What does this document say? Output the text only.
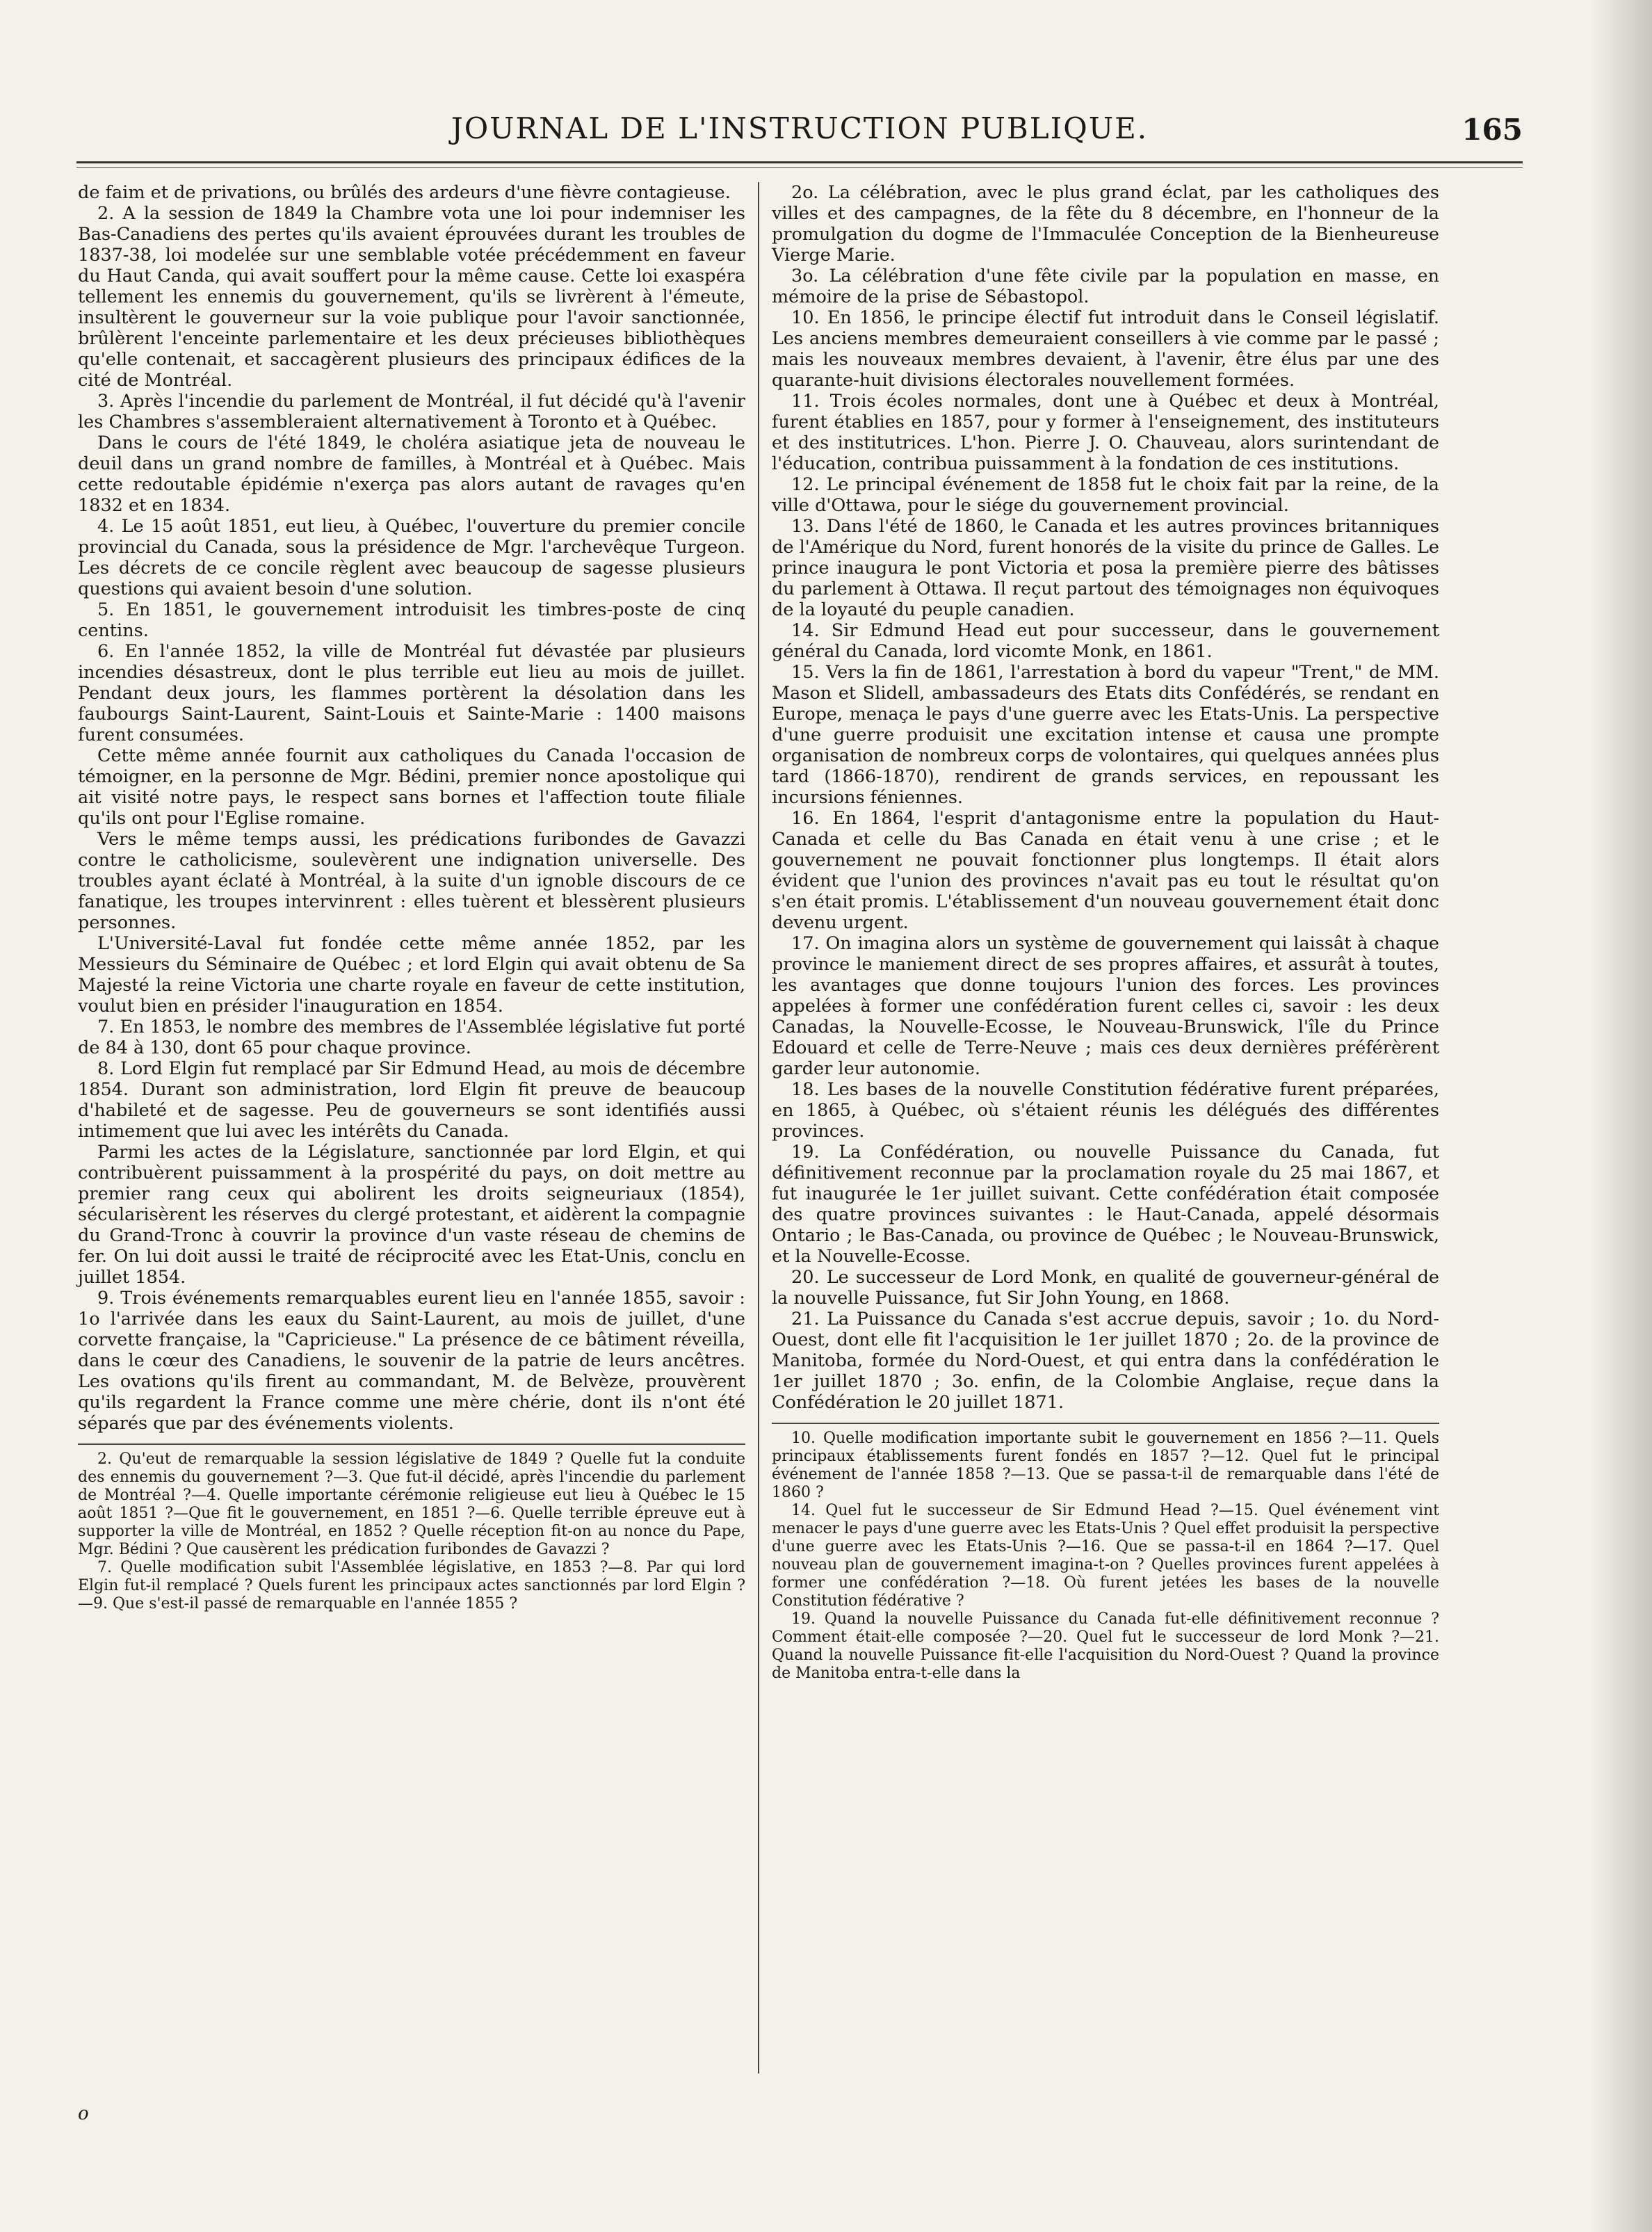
JOURNAL DE L'INSTRUCTION PUBLIQUE.	165

de faim et de privations, ou brûlés des ardeurs d'une fièvre contagieuse.

2. A la session de 1849 la Chambre vota une loi pour indemniser les Bas-Canadiens des pertes qu'ils avaient éprouvées durant les troubles de 1837-38, loi modelée sur une semblable votée précédemment en faveur du Haut Canda, qui avait souffert pour la même cause. Cette loi exaspéra tellement les ennemis du gouvernement, qu'ils se livrèrent à l'émeute, insultèrent le gouverneur sur la voie publique pour l'avoir sanctionnée, brûlèrent l'enceinte parlementaire et les deux précieuses bibliothèques qu'elle contenait, et saccagèrent plusieurs des principaux édifices de la cité de Montréal.

3. Après l'incendie du parlement de Montréal, il fut décidé qu'à l'avenir les Chambres s'assembleraient alternativement à Toronto et à Québec.

Dans le cours de l'été 1849, le choléra asiatique jeta de nouveau le deuil dans un grand nombre de familles, à Montréal et à Québec. Mais cette redoutable épidémie n'exerça pas alors autant de ravages qu'en 1832 et en 1834.

4. Le 15 août 1851, eut lieu, à Québec, l'ouverture du premier concile provincial du Canada, sous la présidence de Mgr. l'archevêque Turgeon. Les décrets de ce concile règlent avec beaucoup de sagesse plusieurs questions qui avaient besoin d'une solution.

5. En 1851, le gouvernement introduisit les timbres-poste de cinq centins.

6. En l'année 1852, la ville de Montréal fut dévastée par plusieurs incendies désastreux, dont le plus terrible eut lieu au mois de juillet. Pendant deux jours, les flammes portèrent la désolation dans les faubourgs Saint-Laurent, Saint-Louis et Sainte-Marie : 1400 maisons furent consumées.

Cette même année fournit aux catholiques du Canada l'occasion de témoigner, en la personne de Mgr. Bédini, premier nonce apostolique qui ait visité notre pays, le respect sans bornes et l'affection toute filiale qu'ils ont pour l'Eglise romaine.

Vers le même temps aussi, les prédications furibondes de Gavazzi contre le catholicisme, soulevèrent une indignation universelle. Des troubles ayant éclaté à Montréal, à la suite d'un ignoble discours de ce fanatique, les troupes intervinrent : elles tuèrent et blessèrent plusieurs personnes.

L'Université-Laval fut fondée cette même année 1852, par les Messieurs du Séminaire de Québec ; et lord Elgin qui avait obtenu de Sa Majesté la reine Victoria une charte royale en faveur de cette institution, voulut bien en présider l'inauguration en 1854.

7. En 1853, le nombre des membres de l'Assemblée législative fut porté de 84 à 130, dont 65 pour chaque province.

8. Lord Elgin fut remplacé par Sir Edmund Head, au mois de décembre 1854. Durant son administration, lord Elgin fit preuve de beaucoup d'habileté et de sagesse. Peu de gouverneurs se sont identifiés aussi intimement que lui avec les intérêts du Canada.

Parmi les actes de la Législature, sanctionnée par lord Elgin, et qui contribuèrent puissamment à la prospérité du pays, on doit mettre au premier rang ceux qui abolirent les droits seigneuriaux (1854), sécularisèrent les réserves du clergé protestant, et aidèrent la compagnie du Grand-Tronc à couvrir la province d'un vaste réseau de chemins de fer. On lui doit aussi le traité de réciprocité avec les Etat-Unis, conclu en juillet 1854.

9. Trois événements remarquables eurent lieu en l'année 1855, savoir : 1o l'arrivée dans les eaux du Saint-Laurent, au mois de juillet, d'une corvette française, la "Capricieuse." La présence de ce bâtiment réveilla, dans le cœur des Canadiens, le souvenir de la patrie de leurs ancêtres. Les ovations qu'ils firent au commandant, M. de Belvèze, prouvèrent qu'ils regardent la France comme une mère chérie, dont ils n'ont été séparés que par des événements violents.

2. Qu'eut de remarquable la session législative de 1849 ? Quelle fut la conduite des ennemis du gouvernement ?—3. Que fut-il décidé, après l'incendie du parlement de Montréal ?—4. Quelle importante cérémonie religieuse eut lieu à Québec le 15 août 1851 ?—Que fit le gouvernement, en 1851 ?—6. Quelle terrible épreuve eut à supporter la ville de Montréal, en 1852 ? Quelle réception fit-on au nonce du Pape, Mgr. Bédini ? Que causèrent les prédication furibondes de Gavazzi ?

7. Quelle modification subit l'Assemblée législative, en 1853 ?—8. Par qui lord Elgin fut-il remplacé ? Quels furent les principaux actes sanctionnés par lord Elgin ?—9. Que s'est-il passé de remarquable en l'année 1855 ?

2o. La célébration, avec le plus grand éclat, par les catholiques des villes et des campagnes, de la fête du 8 décembre, en l'honneur de la promulgation du dogme de l'Immaculée Conception de la Bienheureuse Vierge Marie.

3o. La célébration d'une fête civile par la population en masse, en mémoire de la prise de Sébastopol.

10. En 1856, le principe électif fut introduit dans le Conseil législatif. Les anciens membres demeuraient conseillers à vie comme par le passé ; mais les nouveaux membres devaient, à l'avenir, être élus par une des quarante-huit divisions électorales nouvellement formées.

11. Trois écoles normales, dont une à Québec et deux à Montréal, furent établies en 1857, pour y former à l'enseignement, des instituteurs et des institutrices. L'hon. Pierre J. O. Chauveau, alors surintendant de l'éducation, contribua puissamment à la fondation de ces institutions.

12. Le principal événement de 1858 fut le choix fait par la reine, de la ville d'Ottawa, pour le siége du gouvernement provincial.

13. Dans l'été de 1860, le Canada et les autres provinces britanniques de l'Amérique du Nord, furent honorés de la visite du prince de Galles. Le prince inaugura le pont Victoria et posa la première pierre des bâtisses du parlement à Ottawa. Il reçut partout des témoignages non équivoques de la loyauté du peuple canadien.

14. Sir Edmund Head eut pour successeur, dans le gouvernement général du Canada, lord vicomte Monk, en 1861.

15. Vers la fin de 1861, l'arrestation à bord du vapeur "Trent," de MM. Mason et Slidell, ambassadeurs des Etats dits Confédérés, se rendant en Europe, menaça le pays d'une guerre avec les Etats-Unis. La perspective d'une guerre produisit une excitation intense et causa une prompte organisation de nombreux corps de volontaires, qui quelques années plus tard (1866-1870), rendirent de grands services, en repoussant les incursions féniennes.

16. En 1864, l'esprit d'antagonisme entre la population du Haut-Canada et celle du Bas Canada en était venu à une crise ; et le gouvernement ne pouvait fonctionner plus longtemps. Il était alors évident que l'union des provinces n'avait pas eu tout le résultat qu'on s'en était promis. L'établissement d'un nouveau gouvernement était donc devenu urgent.

17. On imagina alors un système de gouvernement qui laissât à chaque province le maniement direct de ses propres affaires, et assurât à toutes, les avantages que donne toujours l'union des forces. Les provinces appelées à former une confédération furent celles ci, savoir : les deux Canadas, la Nouvelle-Ecosse, le Nouveau-Brunswick, l'île du Prince Edouard et celle de Terre-Neuve ; mais ces deux dernières préférèrent garder leur autonomie.

18. Les bases de la nouvelle Constitution fédérative furent préparées, en 1865, à Québec, où s'étaient réunis les délégués des différentes provinces.

19. La Confédération, ou nouvelle Puissance du Canada, fut définitivement reconnue par la proclamation royale du 25 mai 1867, et fut inaugurée le 1er juillet suivant. Cette confédération était composée des quatre provinces suivantes : le Haut-Canada, appelé désormais Ontario ; le Bas-Canada, ou province de Québec ; le Nouveau-Brunswick, et la Nouvelle-Ecosse.

20. Le successeur de Lord Monk, en qualité de gouverneur-général de la nouvelle Puissance, fut Sir John Young, en 1868.

21. La Puissance du Canada s'est accrue depuis, savoir ; 1o. du Nord-Ouest, dont elle fit l'acquisition le 1er juillet 1870 ; 2o. de la province de Manitoba, formée du Nord-Ouest, et qui entra dans la confédération le 1er juillet 1870 ; 3o. enfin, de la Colombie Anglaise, reçue dans la Confédération le 20 juillet 1871.

10. Quelle modification importante subit le gouvernement en 1856 ?—11. Quels principaux établissements furent fondés en 1857 ?—12. Quel fut le principal événement de l'année 1858 ?—13. Que se passa-t-il de remarquable dans l'été de 1860 ?

14. Quel fut le successeur de Sir Edmund Head ?—15. Quel événement vint menacer le pays d'une guerre avec les Etats-Unis ? Quel effet produisit la perspective d'une guerre avec les Etats-Unis ?—16. Que se passa-t-il en 1864 ?—17. Quel nouveau plan de gouvernement imagina-t-on ? Quelles provinces furent appelées à former une confédération ?—18. Où furent jetées les bases de la nouvelle Constitution fédérative ?

19. Quand la nouvelle Puissance du Canada fut-elle définitivement reconnue ? Comment était-elle composée ?—20. Quel fut le successeur de lord Monk ?—21. Quand la nouvelle Puissance fit-elle l'acquisition du Nord-Ouest ? Quand la province de Manitoba entra-t-elle dans la

o
